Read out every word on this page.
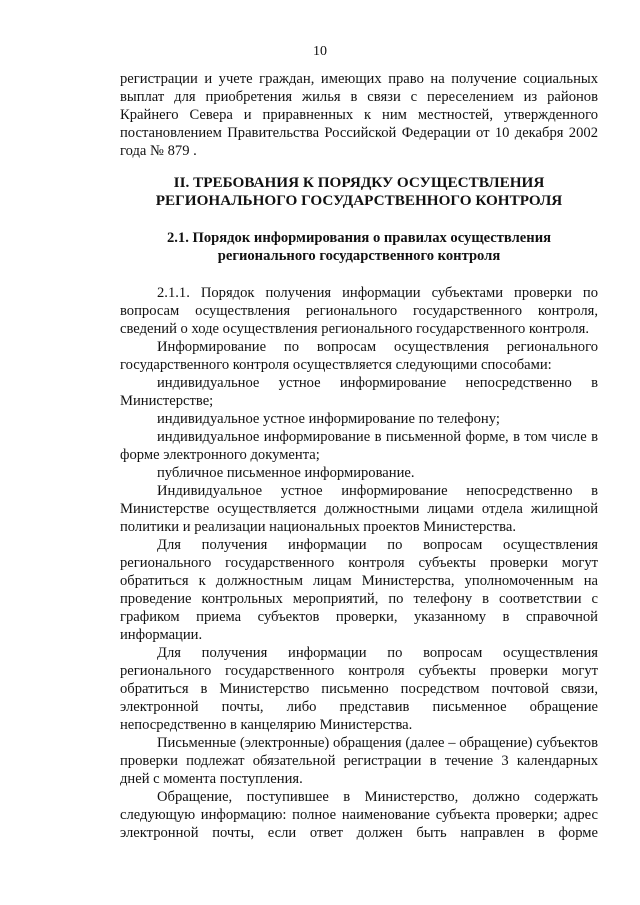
10

регистрации и учете граждан, имеющих право на получение социальных выплат для приобретения жилья в связи с переселением из районов Крайнего Севера и приравненных к ним местностей, утвержденного постановлением Правительства Российской Федерации от 10 декабря 2002 года № 879 .

II. ТРЕБОВАНИЯ К ПОРЯДКУ ОСУЩЕСТВЛЕНИЯ
РЕГИОНАЛЬНОГО ГОСУДАРСТВЕННОГО КОНТРОЛЯ
2.1. Порядок информирования о правилах осуществления
регионального государственного контроля

2.1.1. Порядок получения информации субъектами проверки по вопросам осуществления регионального государственного контроля, сведений о ходе осуществления регионального государственного контроля.

Информирование по вопросам осуществления регионального государственного контроля осуществляется следующими способами:

индивидуальное устное информирование непосредственно в Министерстве;

индивидуальное устное информирование по телефону;

индивидуальное информирование в письменной форме, в том числе в форме электронного документа;

публичное письменное информирование.

Индивидуальное устное информирование непосредственно в Министерстве осуществляется должностными лицами отдела жилищной политики и реализации национальных проектов Министерства.

Для получения информации по вопросам осуществления регионального государственного контроля субъекты проверки могут обратиться к должностным лицам Министерства, уполномоченным на проведение контрольных мероприятий, по телефону в соответствии с графиком приема субъектов проверки, указанному в справочной информации.

Для получения информации по вопросам осуществления регионального государственного контроля субъекты проверки могут обратиться в Министерство письменно посредством почтовой связи, электронной почты, либо представив письменное обращение непосредственно в канцелярию Министерства.

Письменные (электронные) обращения (далее – обращение) субъектов проверки подлежат обязательной регистрации в течение 3 календарных дней с момента поступления.

Обращение, поступившее в Министерство, должно содержать следующую информацию: полное наименование субъекта проверки; адрес электронной почты, если ответ должен быть направлен в форме
